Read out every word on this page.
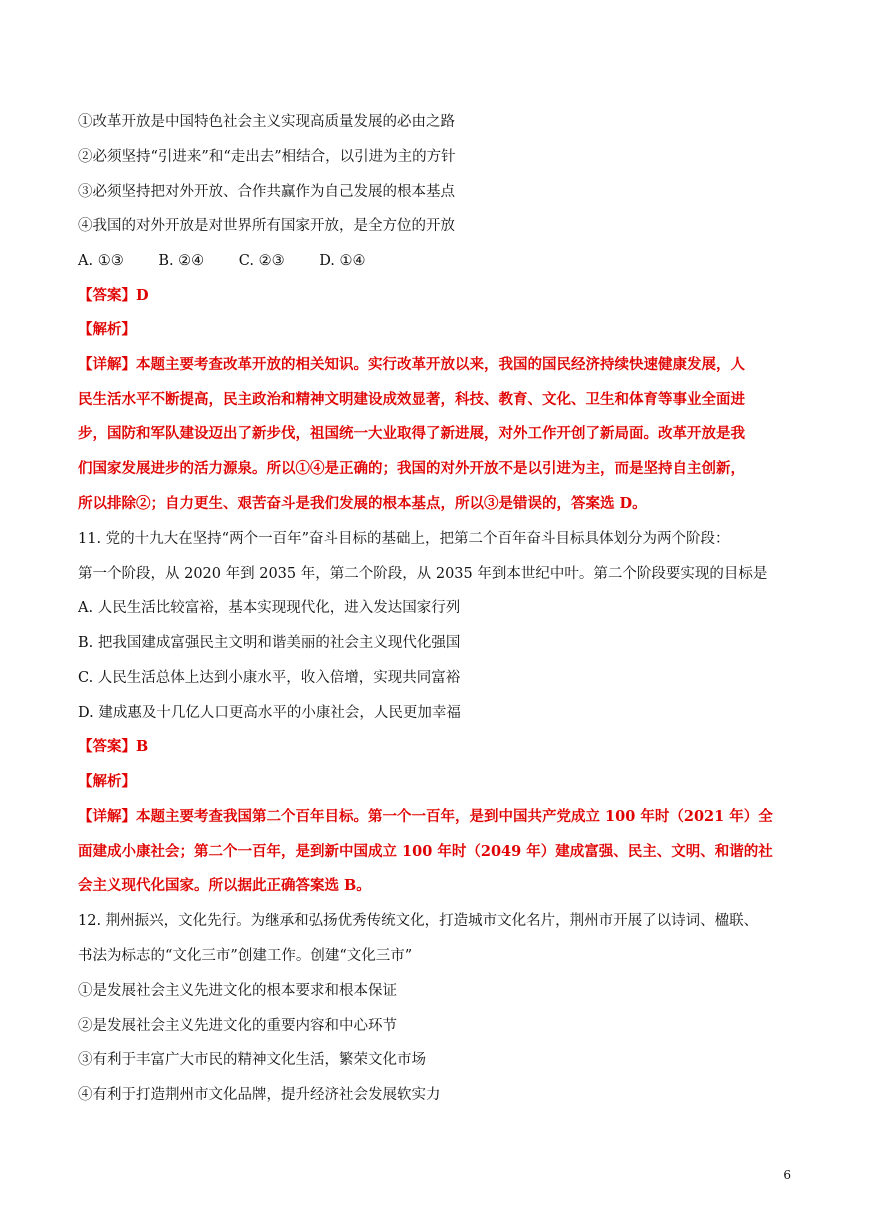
①改革开放是中国特色社会主义实现高质量发展的必由之路
②必须坚持“引进来”和“走出去”相结合，以引进为主的方针
③必须坚持把对外开放、合作共赢作为自己发展的根本基点
④我国的对外开放是对世界所有国家开放，是全方位的开放
A. ①③ B. ②④ C. ②③ D. ①④
【答案】D
【解析】
【详解】本题主要考查改革开放的相关知识。实行改革开放以来，我国的国民经济持续快速健康发展，人
民生活水平不断提高，民主政治和精神文明建设成效显著，科技、教育、文化、卫生和体育等事业全面进
步，国防和军队建设迈出了新步伐，祖国统一大业取得了新进展，对外工作开创了新局面。改革开放是我
们国家发展进步的活力源泉。所以①④是正确的；我国的对外开放不是以引进为主，而是坚持自主创新，
所以排除②；自力更生、艰苦奋斗是我们发展的根本基点，所以③是错误的，答案选 D。
11. 党的十九大在坚持“两个一百年”奋斗目标的基础上，把第二个百年奋斗目标具体划分为两个阶段：
第一个阶段，从 2020 年到 2035 年，第二个阶段，从 2035 年到本世纪中叶。第二个阶段要实现的目标是
A. 人民生活比较富裕，基本实现现代化，进入发达国家行列
B. 把我国建成富强民主文明和谐美丽的社会主义现代化强国
C. 人民生活总体上达到小康水平，收入倍增，实现共同富裕
D. 建成惠及十几亿人口更高水平的小康社会，人民更加幸福
【答案】B
【解析】
【详解】本题主要考查我国第二个百年目标。第一个一百年，是到中国共产党成立 100 年时（2021 年）全
面建成小康社会；第二个一百年，是到新中国成立 100 年时（2049 年）建成富强、民主、文明、和谐的社
会主义现代化国家。所以据此正确答案选 B。
12. 荆州振兴，文化先行。为继承和弘扬优秀传统文化，打造城市文化名片，荆州市开展了以诗词、楹联、
书法为标志的“文化三市”创建工作。创建“文化三市”
①是发展社会主义先进文化的根本要求和根本保证
②是发展社会主义先进文化的重要内容和中心环节
③有利于丰富广大市民的精神文化生活，繁荣文化市场
④有利于打造荆州市文化品牌，提升经济社会发展软实力
6
